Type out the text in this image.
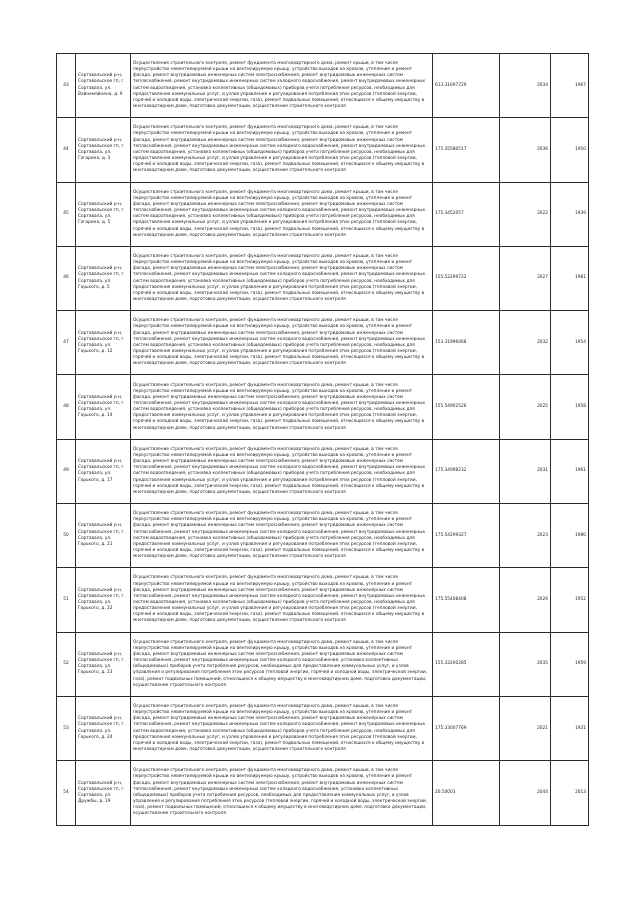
43	Сортавальский р-н, Сортавальское гп, г. Сортавала, ул. Вайнемяйнена, д. 9	Осуществление строительного контроля, ремонт фундамента многоквартирного дома, ремонт крыши, в том числе переустройство невентилируемой крыши на вентилируемую крышу, устройство выходов на кровлю, утепление и ремонт фасада, ремонт внутридомовых инженерных систем электроснабжения, ремонт внутридомовых инженерных систем теплоснабжения, ремонт внутридомовых инженерных систем холодного водоснабжения, ремонт внутридомовых инженерных систем водоотведения, установка коллективных (общедомовых) приборов учета потребления ресурсов, необходимых для предоставления коммунальных услуг, и узлов управления и регулирования потребления этих ресурсов (тепловой энергии, горячей и холодной воды, электрической энергии, газа), ремонт подвальных помещений, относящихся к общему имуществу в многоквартирном доме, подготовка документации, осуществление строительного контроля	613.31697729	2034	1967
44	Сортавальский р-н, Сортавальское гп, г. Сортавала, ул. Гагарина, д. 3	Осуществление строительного контроля, ремонт фундамента многоквартирного дома, ремонт крыши, в том числе переустройство невентилируемой крыши на вентилируемую крышу, устройство выходов на кровлю, утепление и ремонт фасада, ремонт внутридомовых инженерных систем электроснабжения, ремонт внутридомовых инженерных систем теплоснабжения, ремонт внутридомовых инженерных систем холодного водоснабжения, ремонт внутридомовых инженерных систем водоотведения, установка коллективных (общедомовых) приборов учета потребления ресурсов, необходимых для предоставления коммунальных услуг, и узлов управления и регулирования потребления этих ресурсов (тепловой энергии, горячей и холодной воды, электрической энергии, газа), ремонт подвальных помещений, относящихся к общему имуществу в многоквартирном доме, подготовка документации, осуществление строительного контроля	175.35580517	2036	1950
45	Сортавальский р-н, Сортавальское гп, г. Сортавала, ул. Гагарина, д. 5	Осуществление строительного контроля, ремонт фундамента многоквартирного дома, ремонт крыши, в том числе переустройство невентилируемой крыши на вентилируемую крышу, устройство выходов на кровлю, утепление и ремонт фасада, ремонт внутридомовых инженерных систем электроснабжения, ремонт внутридомовых инженерных систем теплоснабжения, ремонт внутридомовых инженерных систем холодного водоснабжения, ремонт внутридомовых инженерных систем водоотведения, установка коллективных (общедомовых) приборов учета потребления ресурсов, необходимых для предоставления коммунальных услуг, и узлов управления и регулирования потребления этих ресурсов (тепловой энергии, горячей и холодной воды, электрической энергии, газа), ремонт подвальных помещений, относящихся к общему имуществу в многоквартирном доме, подготовка документации, осуществление строительного контроля	175.3452057	2022	1939
46	Сортавальский р-н, Сортавальское гп, г. Сортавала, ул. Горького, д. 5	Осуществление строительного контроля, ремонт фундамента многоквартирного дома, ремонт крыши, в том числе переустройство невентилируемой крыши на вентилируемую крышу, устройство выходов на кровлю, утепление и ремонт фасада, ремонт внутридомовых инженерных систем электроснабжения, ремонт внутридомовых инженерных систем теплоснабжения, ремонт внутридомовых инженерных систем холодного водоснабжения, ремонт внутридомовых инженерных систем водоотведения, установка коллективных (общедомовых) приборов учета потребления ресурсов, необходимых для предоставления коммунальных услуг, и узлов управления и регулирования потребления этих ресурсов (тепловой энергии, горячей и холодной воды, электрической энергии, газа), ремонт подвальных помещений, относящихся к общему имуществу в многоквартирном доме, подготовка документации, осуществление строительного контроля	155.52299722	2027	1981
47	Сортавальский р-н, Сортавальское гп, г. Сортавала, ул. Горького, д. 12	Осуществление строительного контроля, ремонт фундамента многоквартирного дома, ремонт крыши, в том числе переустройство невентилируемой крыши на вентилируемую крышу, устройство выходов на кровлю, утепление и ремонт фасада, ремонт внутридомовых инженерных систем электроснабжения, ремонт внутридомовых инженерных систем теплоснабжения, ремонт внутридомовых инженерных систем холодного водоснабжения, ремонт внутридомовых инженерных систем водоотведения, установка коллективных (общедомовых) приборов учета потребления ресурсов, необходимых для предоставления коммунальных услуг, и узлов управления и регулирования потребления этих ресурсов (тепловой энергии, горячей и холодной воды, электрической энергии, газа), ремонт подвальных помещений, относящихся к общему имуществу в многоквартирном доме, подготовка документации, осуществление строительного контроля	153.31996468	2032	1954
48	Сортавальский р-н, Сортавальское гп, г. Сортавала, ул. Горького, д. 14	Осуществление строительного контроля, ремонт фундамента многоквартирного дома, ремонт крыши, в том числе переустройство невентилируемой крыши на вентилируемую крышу, устройство выходов на кровлю, утепление и ремонт фасада, ремонт внутридомовых инженерных систем электроснабжения, ремонт внутридомовых инженерных систем теплоснабжения, ремонт внутридомовых инженерных систем холодного водоснабжения, ремонт внутридомовых инженерных систем водоотведения, установка коллективных (общедомовых) приборов учета потребления ресурсов, необходимых для предоставления коммунальных услуг, и узлов управления и регулирования потребления этих ресурсов (тепловой энергии, горячей и холодной воды, электрической энергии, газа), ремонт подвальных помещений, относящихся к общему имуществу в многоквартирном доме, подготовка документации, осуществление строительного контроля	155.54902526	2025	1958
49	Сортавальский р-н, Сортавальское гп, г. Сортавала, ул. Горького, д. 17	Осуществление строительного контроля, ремонт фундамента многоквартирного дома, ремонт крыши, в том числе переустройство невентилируемой крыши на вентилируемую крышу, устройство выходов на кровлю, утепление и ремонт фасада, ремонт внутридомовых инженерных систем электроснабжения, ремонт внутридомовых инженерных систем теплоснабжения, ремонт внутридомовых инженерных систем холодного водоснабжения, ремонт внутридомовых инженерных систем водоотведения, установка коллективных (общедомовых) приборов учета потребления ресурсов, необходимых для предоставления коммунальных услуг, и узлов управления и регулирования потребления этих ресурсов (тепловой энергии, горячей и холодной воды, электрической энергии, газа), ремонт подвальных помещений, относящихся к общему имуществу в многоквартирном доме, подготовка документации, осуществление строительного контроля	175.34998232	2031	1961
50	Сортавальский р-н, Сортавальское гп, г. Сортавала, ул. Горького, д. 21	Осуществление строительного контроля, ремонт фундамента многоквартирного дома, ремонт крыши, в том числе переустройство невентилируемой крыши на вентилируемую крышу, устройство выходов на кровлю, утепление и ремонт фасада, ремонт внутридомовых инженерных систем электроснабжения, ремонт внутридомовых инженерных систем теплоснабжения, ремонт внутридомовых инженерных систем холодного водоснабжения, ремонт внутридомовых инженерных систем водоотведения, установка коллективных (общедомовых) приборов учета потребления ресурсов, необходимых для предоставления коммунальных услуг, и узлов управления и регулирования потребления этих ресурсов (тепловой энергии, горячей и холодной воды, электрической энергии, газа), ремонт подвальных помещений, относящихся к общему имуществу в многоквартирном доме, подготовка документации, осуществление строительного контроля	175.54299327	2023	1980
51	Сортавальский р-н, Сортавальское гп, г. Сортавала, ул. Горького, д. 22	Осуществление строительного контроля, ремонт фундамента многоквартирного дома, ремонт крыши, в том числе переустройство невентилируемой крыши на вентилируемую крышу, устройство выходов на кровлю, утепление и ремонт фасада, ремонт внутридомовых инженерных систем электроснабжения, ремонт внутридомовых инженерных систем теплоснабжения, ремонт внутридомовых инженерных систем холодного водоснабжения, ремонт внутридомовых инженерных систем водоотведения, установка коллективных (общедомовых) приборов учета потребления ресурсов, необходимых для предоставления коммунальных услуг, и узлов управления и регулирования потребления этих ресурсов (тепловой энергии, горячей и холодной воды, электрической энергии, газа), ремонт подвальных помещений, относящихся к общему имуществу в многоквартирном доме, подготовка документации, осуществление строительного контроля	175.55408408	2026	1952
52	Сортавальский р-н, Сортавальское гп, г. Сортавала, ул. Горького, д. 23	Осуществление строительного контроля, ремонт фундамента многоквартирного дома, ремонт крыши, в том числе переустройство невентилируемой крыши на вентилируемую крышу, устройство выходов на кровлю, утепление и ремонт фасада, ремонт внутридомовых инженерных систем электроснабжения, ремонт внутридомовых инженерных систем теплоснабжения, ремонт внутридомовых инженерных систем холодного водоснабжения, установка коллективных (общедомовых) приборов учета потребления ресурсов, необходимых для предоставления коммунальных услуг, и узлов управления и регулирования потребления этих ресурсов (тепловой энергии, горячей и холодной воды, электрической энергии, газа), ремонт подвальных помещений, относящихся к общему имуществу в многоквартирном доме, подготовка документации, осуществление строительного контроля	155.33200285	2035	1959
53	Сортавальский р-н, Сортавальское гп, г. Сортавала, ул. Горького, д. 24	Осуществление строительного контроля, ремонт фундамента многоквартирного дома, ремонт крыши, в том числе переустройство невентилируемой крыши на вентилируемую крышу, устройство выходов на кровлю, утепление и ремонт фасада, ремонт внутридомовых инженерных систем электроснабжения, ремонт внутридомовых инженерных систем теплоснабжения, ремонт внутридомовых инженерных систем холодного водоснабжения, ремонт внутридомовых инженерных систем водоотведения, установка коллективных (общедомовых) приборов учета потребления ресурсов, необходимых для предоставления коммунальных услуг, и узлов управления и регулирования потребления этих ресурсов (тепловой энергии, горячей и холодной воды, электрической энергии, газа), ремонт подвальных помещений, относящихся к общему имуществу в многоквартирном доме, подготовка документации, осуществление строительного контроля	175.33007769	2021	1921
54	Сортавальский р-н, Сортавальское гп, г. Сортавала, ул. Дружбы, д. 19	Осуществление строительного контроля, ремонт фундамента многоквартирного дома, ремонт крыши, в том числе переустройство невентилируемой крыши на вентилируемую крышу, устройство выходов на кровлю, утепление и ремонт фасада, ремонт внутридомовых инженерных систем электроснабжения, ремонт внутридомовых инженерных систем теплоснабжения, ремонт внутридомовых инженерных систем холодного водоснабжения, установка коллективных (общедомовых) приборов учета потребления ресурсов, необходимых для предоставления коммунальных услуг, и узлов управления и регулирования потребления этих ресурсов (тепловой энергии, горячей и холодной воды, электрической энергии, газа), ремонт подвальных помещений, относящихся к общему имуществу в многоквартирном доме, подготовка документации, осуществление строительного контроля	20.50003	2044	2013
